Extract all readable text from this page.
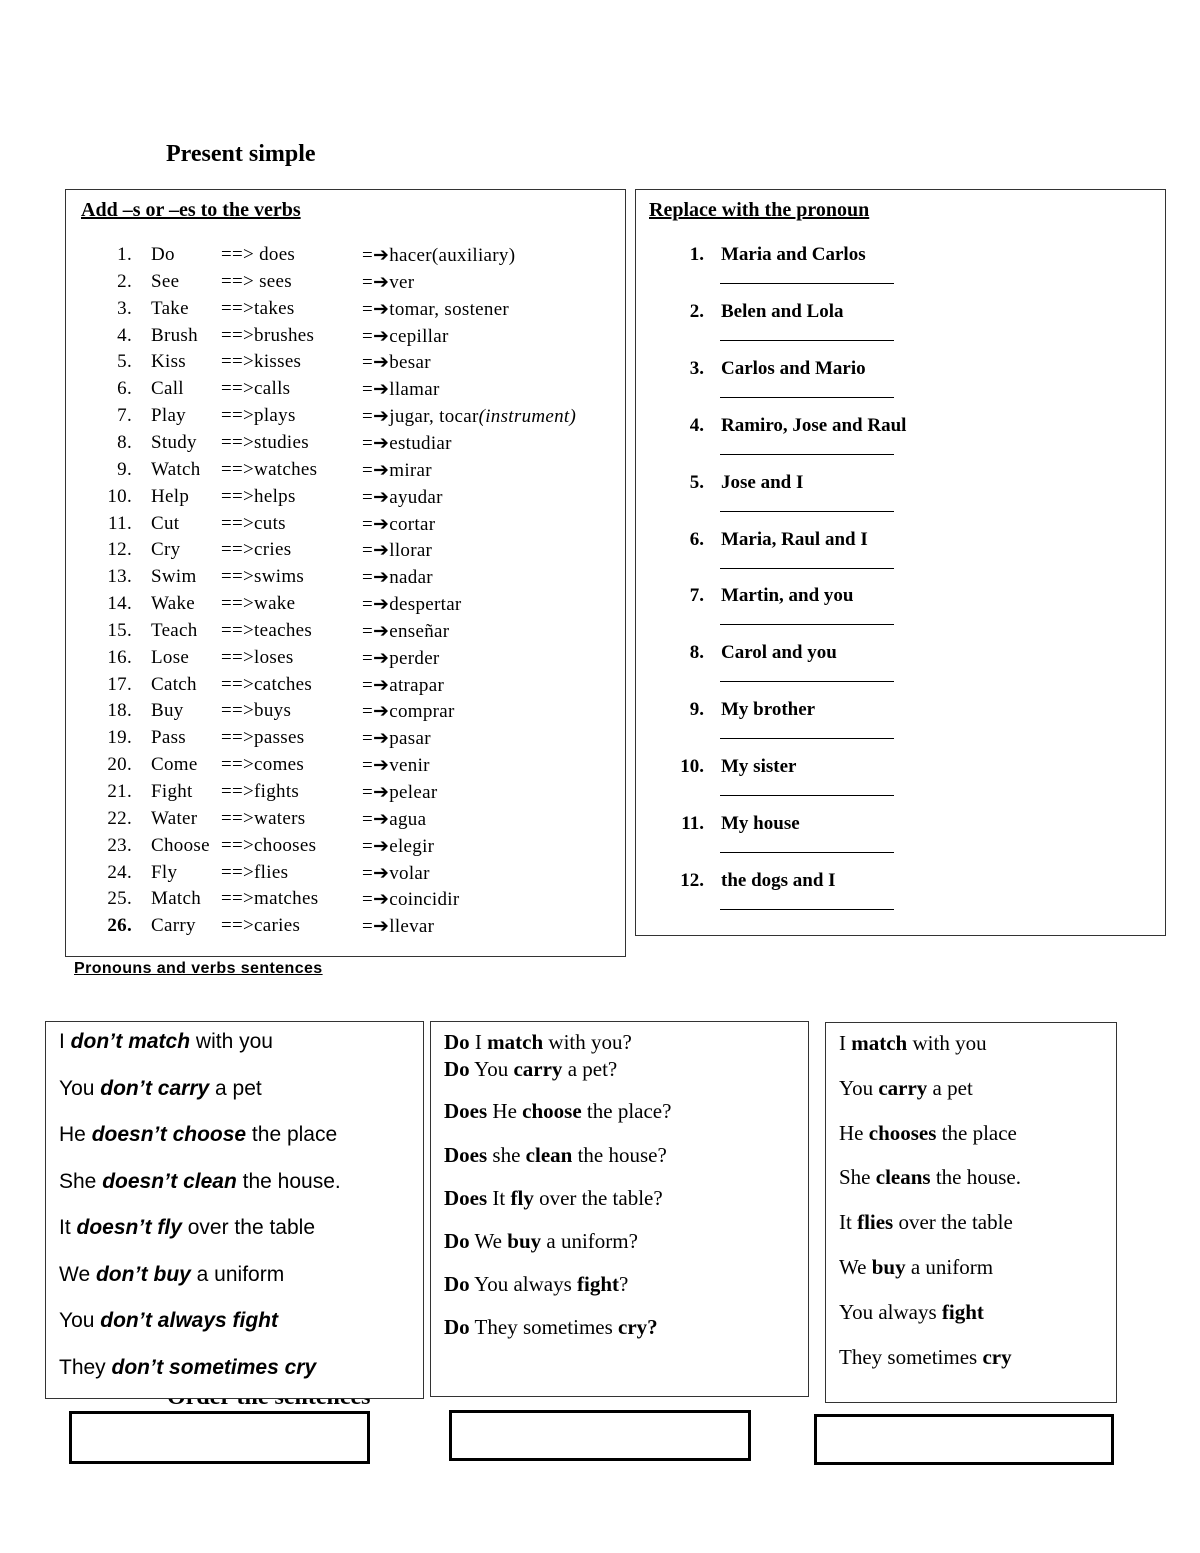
Present simple
Add –s or –es to the verbs
1. Do ==> does	=➔hacer(auxiliary)
2. See ==> sees	=➔ver
3. Take ==>takes	=➔tomar, sostener
4. Brush ==>brushes	=➔cepillar
5. Kiss ==>kisses	=➔besar
6. Call ==>calls	=➔llamar
7. Play ==>plays	=➔jugar, tocar(instrument)
8. Study ==>studies	=➔estudiar
9. Watch ==>watches =➔mirar
10. Help ==>helps	=➔ayudar
11. Cut ==>cuts	=➔cortar
12. Cry ==>cries	=➔llorar
13. Swim ==>swims	=➔nadar
14. Wake ==>wake	=➔despertar
15. Teach ==>teaches	=➔enseñar
16. Lose ==>loses	=➔perder
17. Catch ==>catches	=➔atrapar
18. Buy ==>buys	=➔comprar
19. Pass ==>passes	=➔pasar
20. Come ==>comes	=➔venir
21. Fight ==>fights	=➔pelear
22. Water ==>waters	=➔agua
23. Choose ==>chooses =➔elegir
24. Fly ==>flies	=➔volar
25. Match ==>matches =➔coincidir
26. Carry ==>caries	=➔llevar
Replace with the pronoun
1. Maria and Carlos
2. Belen and Lola
3. Carlos and Mario
4. Ramiro, Jose and Raul
5. Jose and I
6. Maria, Raul and I
7. Martin, and you
8. Carol and you
9. My brother
10. My sister
11. My house
12. the dogs and I
Pronouns and verbs sentences
I don’t match with you
You don’t carry a pet
He doesn’t choose the place
She doesn’t clean the house.
It doesn’t fly over the table
We don’t buy a uniform
You don’t always fight
They don’t sometimes cry
Do I match with you?
Do You carry a pet?
Does He choose the place?
Does she clean the house?
Does It fly over the table?
Do We buy a uniform?
Do You always fight?
Do They sometimes cry?
I match with you
You carry a pet
He chooses the place
She cleans the house.
It flies over the table
We buy a uniform
You always fight
They sometimes cry
